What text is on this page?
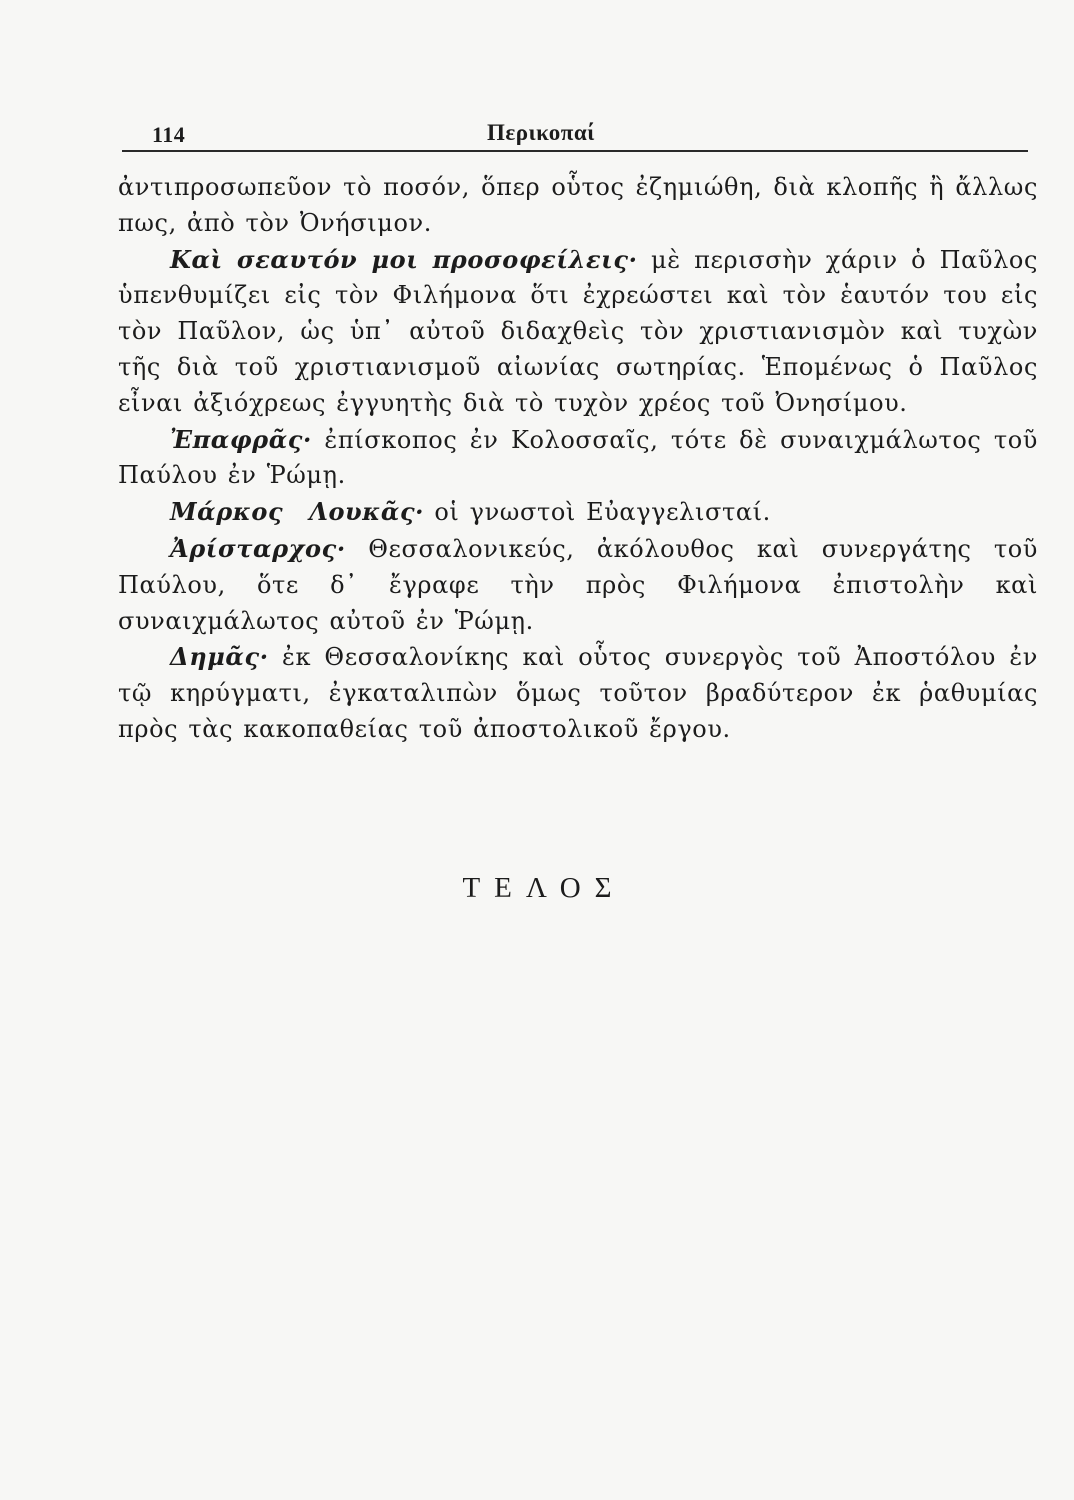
114	Περικοπαί

ἀντιπροσωπεῦον τὸ ποσόν, ὅπερ οὗτος ἐζημιώθη, διὰ κλοπῆς ἢ ἄλλως πως, ἀπὸ τὸν Ὀνήσιμον.

Καὶ σεαυτόν μοι προσοφείλεις· μὲ περισσὴν χάριν ὁ Παῦλος ὑπενθυμίζει εἰς τὸν Φιλήμονα ὅτι ἐχρεώστει καὶ τὸν ἑαυτόν του εἰς τὸν Παῦλον, ὡς ὑπ᾿ αὐτοῦ διδαχθεὶς τὸν χριστιανισμὸν καὶ τυχὼν τῆς διὰ τοῦ χριστιανισμοῦ αἰωνίας σωτηρίας. Ἑπομένως ὁ Παῦλος εἶναι ἀξιόχρεως ἐγγυητὴς διὰ τὸ τυχὸν χρέος τοῦ Ὀνησίμου.

Ἐπαφρᾶς· ἐπίσκοπος ἐν Κολοσσαῖς, τότε δὲ συναιχμάλωτος τοῦ Παύλου ἐν Ῥώμῃ.

Μάρκος Λουκᾶς· οἱ γνωστοὶ Εὐαγγελισταί.

Ἀρίσταρχος· Θεσσαλονικεύς, ἀκόλουθος καὶ συνεργάτης τοῦ Παύλου, ὅτε δ᾿ ἔγραφε τὴν πρὸς Φιλήμονα ἐπιστολὴν καὶ συναιχμάλωτος αὐτοῦ ἐν Ῥώμῃ.

Δημᾶς· ἐκ Θεσσαλονίκης καὶ οὗτος συνεργὸς τοῦ Ἀποστόλου ἐν τῷ κηρύγματι, ἐγκαταλιπὼν ὅμως τοῦτον βραδύτερον ἐκ ῥαθυμίας πρὸς τὰς κακοπαθείας τοῦ ἀποστολικοῦ ἔργου.

ΤΕΛΟΣ
